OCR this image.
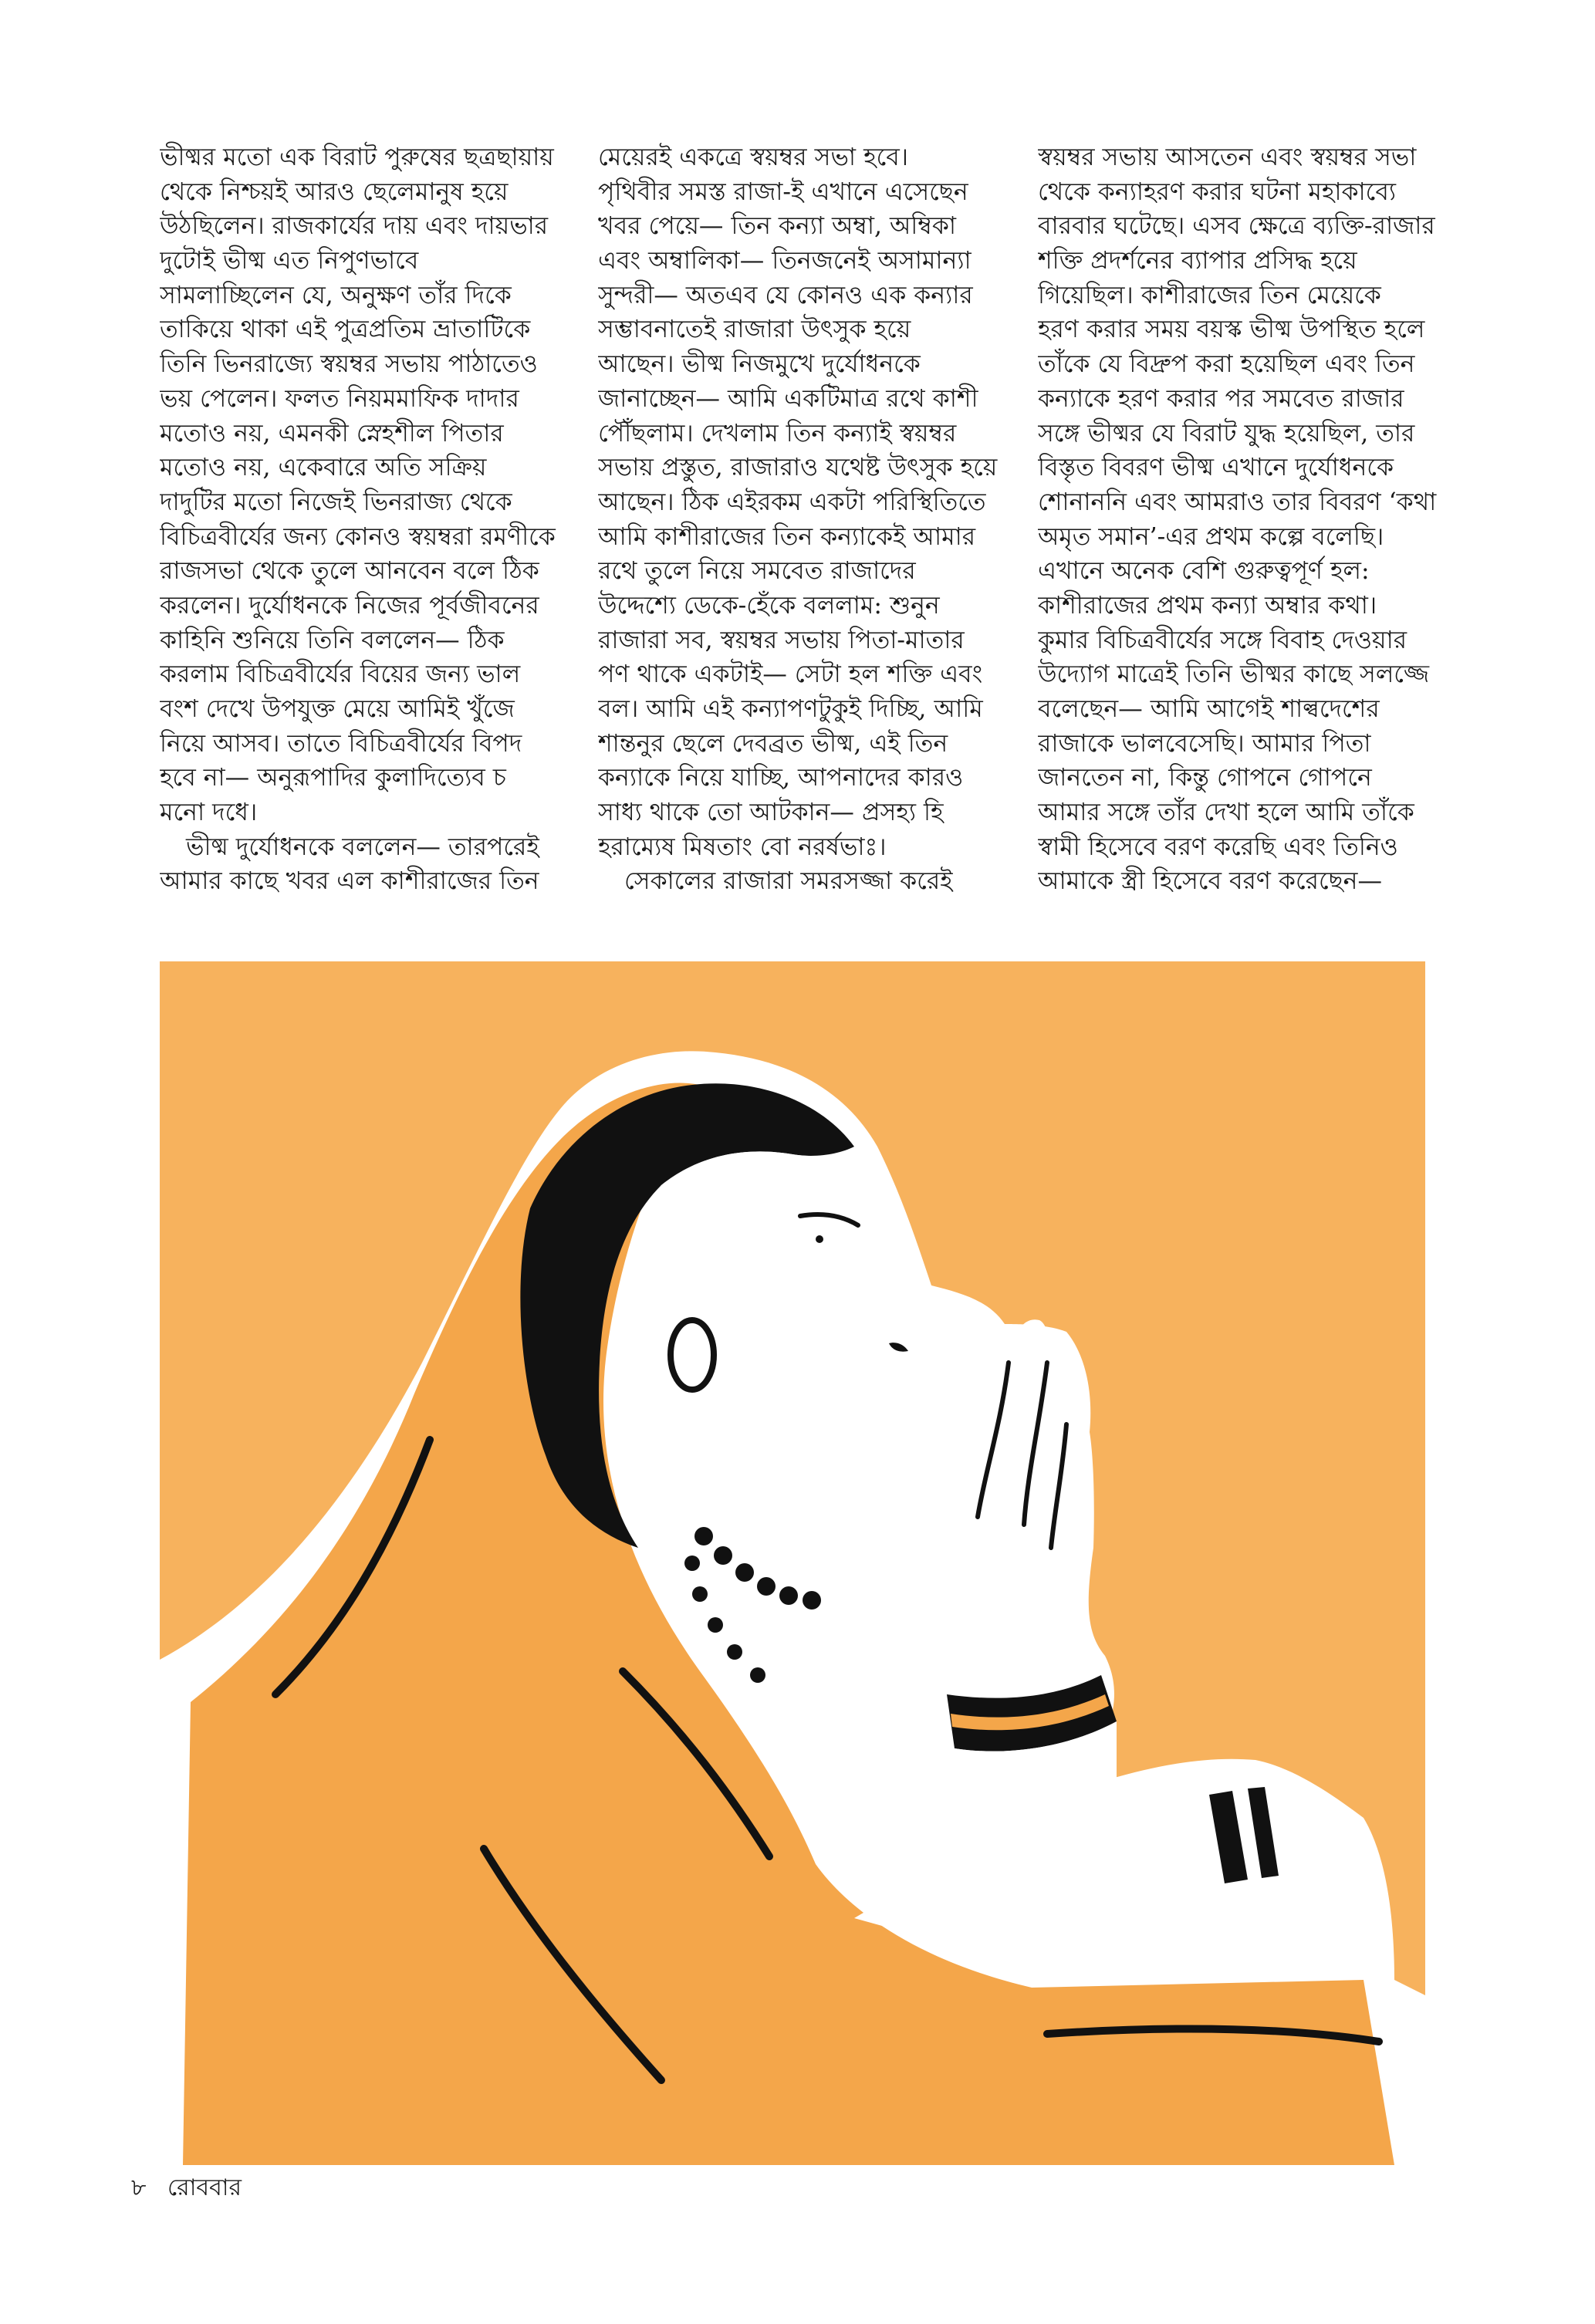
ভীষ্মর মতো এক বিরাট পুরুষের ছত্রছায়ায়
থেকে নিশ্চয়ই আরও ছেলেমানুষ হয়ে
উঠছিলেন। রাজকার্যের দায় এবং দায়ভার
দুটোই ভীষ্ম এত নিপুণভাবে
সামলাচ্ছিলেন যে, অনুক্ষণ তাঁর দিকে
তাকিয়ে থাকা এই পুত্রপ্রতিম ভ্রাতাটিকে
তিনি ভিনরাজ্যে স্বয়ম্বর সভায় পাঠাতেও
ভয় পেলেন। ফলত নিয়মমাফিক দাদার
মতোও নয়, এমনকী স্নেহশীল পিতার
মতোও নয়, একেবারে অতি সক্রিয়
দাদুটির মতো নিজেই ভিনরাজ্য থেকে
বিচিত্রবীর্যের জন্য কোনও স্বয়ম্বরা রমণীকে
রাজসভা থেকে তুলে আনবেন বলে ঠিক
করলেন। দুর্যোধনকে নিজের পূর্বজীবনের
কাহিনি শুনিয়ে তিনি বললেন— ঠিক
করলাম বিচিত্রবীর্যের বিয়ের জন্য ভাল
বংশ দেখে উপযুক্ত মেয়ে আমিই খুঁজে
নিয়ে আসব। তাতে বিচিত্রবীর্যের বিপদ
হবে না— অনুরূপাদির কুলাদিত্যেব চ
মনো দধে।
ভীষ্ম দুর্যোধনকে বললেন— তারপরেই
আমার কাছে খবর এল কাশীরাজের তিন
মেয়েরই একত্রে স্বয়ম্বর সভা হবে।
পৃথিবীর সমস্ত রাজা-ই এখানে এসেছেন
খবর পেয়ে— তিন কন্যা অম্বা, অম্বিকা
এবং অম্বালিকা— তিনজনেই অসামান্যা
সুন্দরী— অতএব যে কোনও এক কন্যার
সম্ভাবনাতেই রাজারা উৎসুক হয়ে
আছেন। ভীষ্ম নিজমুখে দুর্যোধনকে
জানাচ্ছেন— আমি একটিমাত্র রথে কাশী
পৌঁছলাম। দেখলাম তিন কন্যাই স্বয়ম্বর
সভায় প্রস্তুত, রাজারাও যথেষ্ট উৎসুক হয়ে
আছেন। ঠিক এইরকম একটা পরিস্থিতিতে
আমি কাশীরাজের তিন কন্যাকেই আমার
রথে তুলে নিয়ে সমবেত রাজাদের
উদ্দেশ্যে ডেকে-হেঁকে বললাম: শুনুন
রাজারা সব, স্বয়ম্বর সভায় পিতা-মাতার
পণ থাকে একটাই— সেটা হল শক্তি এবং
বল। আমি এই কন্যাপণটুকুই দিচ্ছি, আমি
শান্তনুর ছেলে দেবব্রত ভীষ্ম, এই তিন
কন্যাকে নিয়ে যাচ্ছি, আপনাদের কারও
সাধ্য থাকে তো আটকান— প্রসহ্য হি
হরাম্যেষ মিষতাং বো নরর্ষভাঃ।
সেকালের রাজারা সমরসজ্জা করেই
স্বয়ম্বর সভায় আসতেন এবং স্বয়ম্বর সভা
থেকে কন্যাহরণ করার ঘটনা মহাকাব্যে
বারবার ঘটেছে। এসব ক্ষেত্রে ব্যক্তি-রাজার
শক্তি প্রদর্শনের ব্যাপার প্রসিদ্ধ হয়ে
গিয়েছিল। কাশীরাজের তিন মেয়েকে
হরণ করার সময় বয়স্ক ভীষ্ম উপস্থিত হলে
তাঁকে যে বিদ্রুপ করা হয়েছিল এবং তিন
কন্যাকে হরণ করার পর সমবেত রাজার
সঙ্গে ভীষ্মর যে বিরাট যুদ্ধ হয়েছিল, তার
বিস্তৃত বিবরণ ভীষ্ম এখানে দুর্যোধনকে
শোনাননি এবং আমরাও তার বিবরণ ‘কথা
অমৃত সমান’-এর প্রথম কল্পে বলেছি।
এখানে অনেক বেশি গুরুত্বপূর্ণ হল:
কাশীরাজের প্রথম কন্যা অম্বার কথা।
কুমার বিচিত্রবীর্যের সঙ্গে বিবাহ দেওয়ার
উদ্যোগ মাত্রেই তিনি ভীষ্মর কাছে সলজ্জে
বলেছেন— আমি আগেই শাল্বদেশের
রাজাকে ভালবেসেছি। আমার পিতা
জানতেন না, কিন্তু গোপনে গোপনে
আমার সঙ্গে তাঁর দেখা হলে আমি তাঁকে
স্বামী হিসেবে বরণ করেছি এবং তিনিও
আমাকে স্ত্রী হিসেবে বরণ করেছেন—
৮ রোববার
